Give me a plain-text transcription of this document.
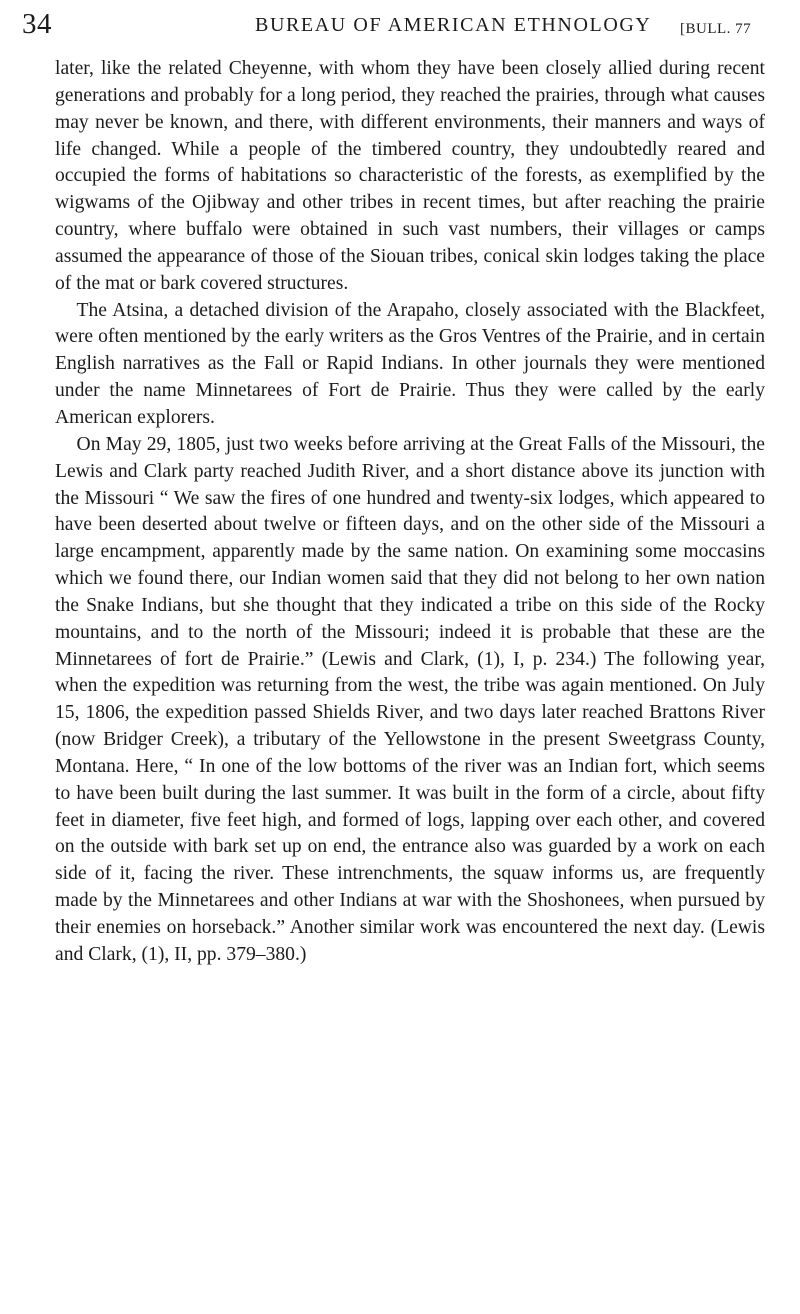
34	BUREAU OF AMERICAN ETHNOLOGY [BULL. 77

later, like the related Cheyenne, with whom they have been closely allied during recent generations and probably for a long period, they reached the prairies, through what causes may never be known, and there, with different environments, their manners and ways of life changed. While a people of the timbered country, they undoubtedly reared and occupied the forms of habitations so characteristic of the forests, as exemplified by the wigwams of the Ojibway and other tribes in recent times, but after reaching the prairie country, where buffalo were obtained in such vast numbers, their villages or camps assumed the appearance of those of the Siouan tribes, conical skin lodges taking the place of the mat or bark covered structures.

The Atsina, a detached division of the Arapaho, closely associated with the Blackfeet, were often mentioned by the early writers as the Gros Ventres of the Prairie, and in certain English narratives as the Fall or Rapid Indians. In other journals they were mentioned under the name Minnetarees of Fort de Prairie. Thus they were called by the early American explorers.

On May 29, 1805, just two weeks before arriving at the Great Falls of the Missouri, the Lewis and Clark party reached Judith River, and a short distance above its junction with the Missouri “ We saw the fires of one hundred and twenty-six lodges, which appeared to have been deserted about twelve or fifteen days, and on the other side of the Missouri a large encampment, apparently made by the same nation. On examining some moccasins which we found there, our Indian women said that they did not belong to her own nation the Snake Indians, but she thought that they indicated a tribe on this side of the Rocky mountains, and to the north of the Missouri; indeed it is probable that these are the Minnetarees of fort de Prairie.” (Lewis and Clark, (1), I, p. 234.) The following year, when the expedition was returning from the west, the tribe was again mentioned. On July 15, 1806, the expedition passed Shields River, and two days later reached Brattons River (now Bridger Creek), a tributary of the Yellowstone in the present Sweetgrass County, Montana. Here, “ In one of the low bottoms of the river was an Indian fort, which seems to have been built during the last summer. It was built in the form of a circle, about fifty feet in diameter, five feet high, and formed of logs, lapping over each other, and covered on the outside with bark set up on end, the entrance also was guarded by a work on each side of it, facing the river. These intrenchments, the squaw informs us, are frequently made by the Minnetarees and other Indians at war with the Shoshonees, when pursued by their enemies on horseback.” Another similar work was encountered the next day. (Lewis and Clark, (1), II, pp. 379–380.)
